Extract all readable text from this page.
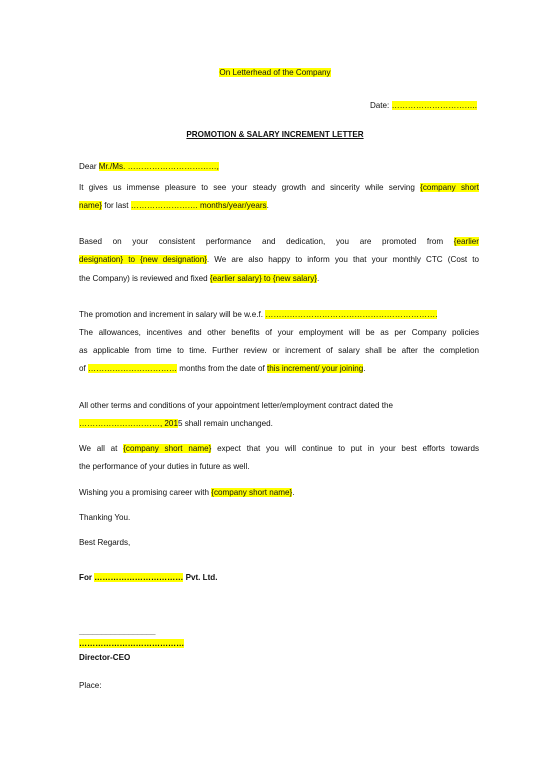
On Letterhead of the Company
Date: …………………………..
PROMOTION & SALARY INCREMENT LETTER
Dear Mr./Ms. ……………………………,
It gives us immense pleasure to see your steady growth and sincerity while serving {company short
name} for last ……………………. months/year/years.
Based on your consistent performance and dedication, you are promoted from {earlier
designation} to {new designation}. We are also happy to inform you that your monthly CTC (Cost to
the Company) is reviewed and fixed {earlier salary} to {new salary}.
The promotion and increment in salary will be w.e.f. ……………………………………………………….
The allowances, incentives and other benefits of your employment will be as per Company policies
as applicable from time to time. Further review or increment of salary shall be after the completion
of …………………………… months from the date of this increment/ your joining.
All other terms and conditions of your appointment letter/employment contract dated the
…………………………, 2015 shall remain unchanged.
We all at {company short name} expect that you will continue to put in your best efforts towards
the performance of your duties in future as well.
Wishing you a promising career with {company short name}.
Thanking You.
Best Regards,
For …………………………… Pvt. Ltd.
_________________
…………………………………
Director-CEO
Place:
